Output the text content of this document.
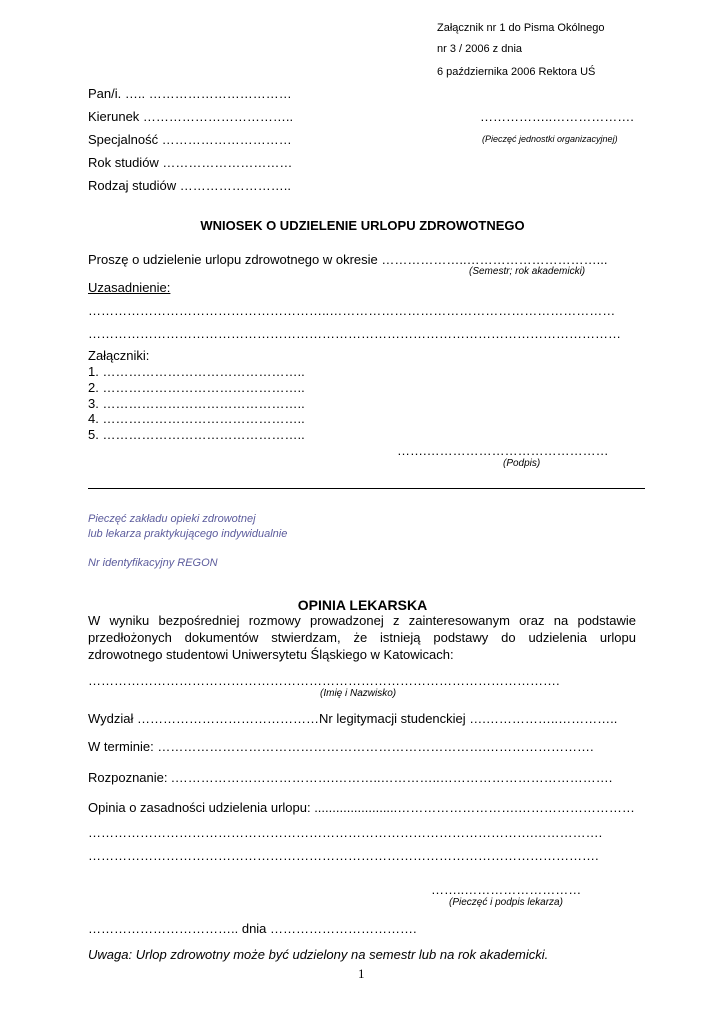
Załącznik nr 1 do Pisma Okólnego
nr 3 / 2006 z dnia
6 października 2006 Rektora UŚ
Pan/i. ….. ……………………………
Kierunek ……………………………..
Specjalność …………………………
Rok studiów …………………………
Rodzaj studiów ……………………..
……………..……………….
(Pieczęć jednostki organizacyjnej)
WNIOSEK O UDZIELENIE URLOPU ZDROWOTNEGO
Proszę o udzielenie urlopu zdrowotnego w okresie ………………..…………………………...
(Semestr; rok akademicki)
Uzasadnienie:
………………………………………………..…………………………………………………………
……………………………………………………………………………………………………………
Załączniki:
1. ………………………………………..
2. ………………………………………..
3. ………………………………………..
4. ………………………………………..
5. ………………………………………..
…….……………………………………
(Podpis)
Pieczęć zakładu opieki zdrowotnej
lub lekarza praktykującego indywidualnie
Nr identyfikacyjny REGON
OPINIA LEKARSKA
W wyniku bezpośredniej rozmowy prowadzonej z zainteresowanym oraz na podstawie przedłożonych dokumentów stwierdzam, że istnieją podstawy do udzielenia urlopu zdrowotnego studentowi Uniwersytetu Śląskiego w Katowicach:
……………………………………………………………………………………………….
(Imię i Nazwisko)
Wydział ……………………………………Nr legitymacji studenckiej ….……………..…………..
W terminie: ………………………………………………………………….…………………….
Rozpoznanie: .……………………………….………..…………..………………………………….
Opinia o zasadności udzielenia urlopu: .......................……………………….………………………
………………………………………………………………………………………….…………….
……………………………………………………………………………………………………….
……..………………………
(Pieczęć i podpis lekarza)
…………………………….. dnia …………………………….
Uwaga: Urlop zdrowotny może być udzielony na semestr lub na rok akademicki.
1
